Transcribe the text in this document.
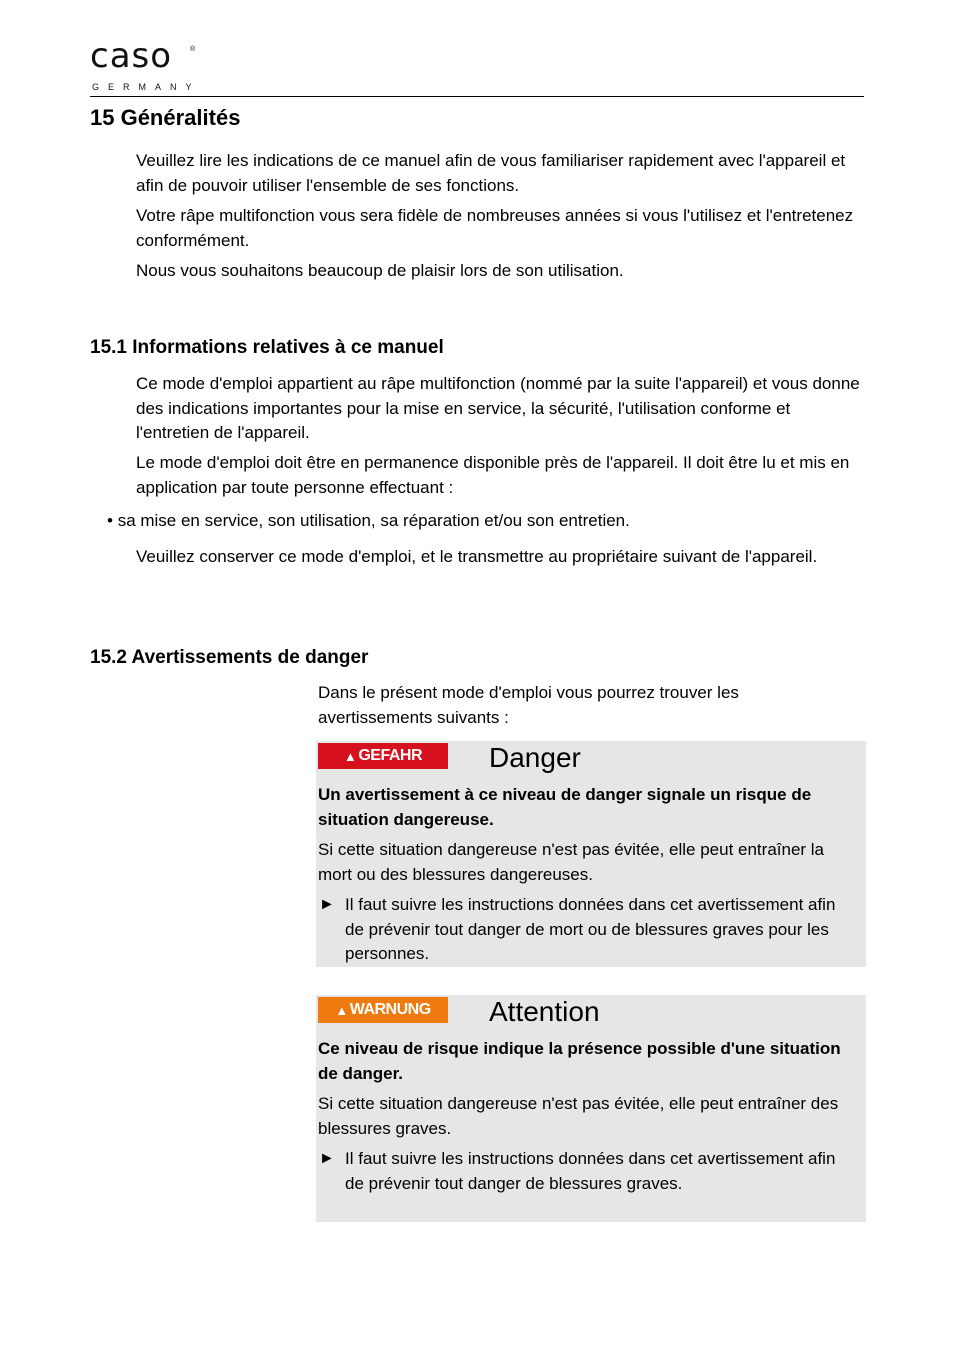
caso	®
GERMANY
15 Généralités

Veuillez lire les indications de ce manuel afin de vous familiariser rapidement avec l'appareil et afin de pouvoir utiliser l'ensemble de ses fonctions.

Votre râpe multifonction vous sera fidèle de nombreuses années si vous l'utilisez et l'entretenez conformément.

Nous vous souhaitons beaucoup de plaisir lors de son utilisation.

15.1 Informations relatives à ce manuel

Ce mode d'emploi appartient au râpe multifonction (nommé par la suite l'appareil) et vous donne des indications importantes pour la mise en service, la sécurité, l'utilisation conforme et l'entretien de l'appareil.

Le mode d'emploi doit être en permanence disponible près de l'appareil. Il doit être lu et mis en application par toute personne effectuant :

• sa mise en service, son utilisation, sa réparation et/ou son entretien.

Veuillez conserver ce mode d'emploi, et le transmettre au propriétaire suivant de l'appareil.

15.2 Avertissements de danger

Dans le présent mode d'emploi vous pourrez trouver les avertissements suivants :

▲ GEFAHR Danger
Un avertissement à ce niveau de danger signale un risque de situation dangereuse.
Si cette situation dangereuse n'est pas évitée, elle peut entraîner la mort ou des blessures dangereuses.
► Il faut suivre les instructions données dans cet avertissement afin de prévenir tout danger de mort ou de blessures graves pour les personnes.
▲ WARNUNG Attention
Ce niveau de risque indique la présence possible d'une situation de danger.
Si cette situation dangereuse n'est pas évitée, elle peut entraîner des blessures graves.
► Il faut suivre les instructions données dans cet avertissement afin de prévenir tout danger de blessures graves.
